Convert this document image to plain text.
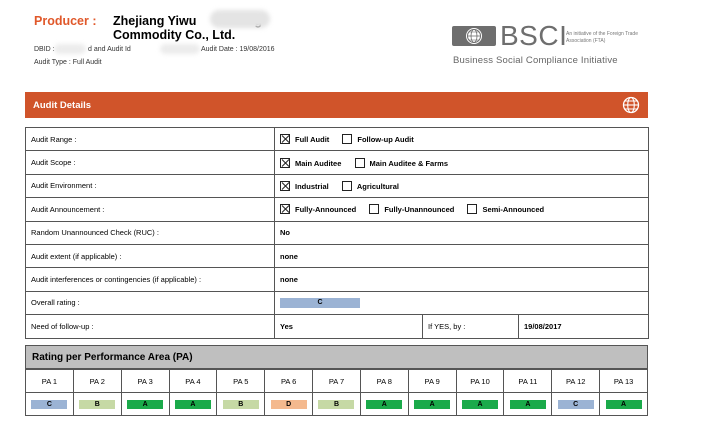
Producer : Zhejiang Yiwu
Commodity Co., Ltd.
DBID :	d and Audit Id	Audit Date : 19/08/2016
Audit Type : Full Audit
BSCI
An initiative of the Foreign Trade Association (FTA)
Business Social Compliance Initiative
Audit Details
Audit Range :	Full Audit Follow-up Audit		
Audit Scope :	Main Auditee Main Auditee & Farms		
Audit Environment :	Industrial Agricultural		
Audit Announcement :	Fully-Announced Fully-Unannounced Semi-Announced		
Random Unannounced Check (RUC) :	No		
Audit extent (if applicable) :	none		
Audit interferences or contingencies (if applicable) :	none		
Overall rating :	C		
Need of follow-up :	Yes	If YES, by :	19/08/2017
Rating per Performance Area (PA)
PA 1	PA 2	PA 3	PA 4	PA 5	PA 6	PA 7	PA 8	PA 9	PA 10	PA 11	PA 12	PA 13
C	B	A	A	B	D	B	A	A	A	A	C	A
